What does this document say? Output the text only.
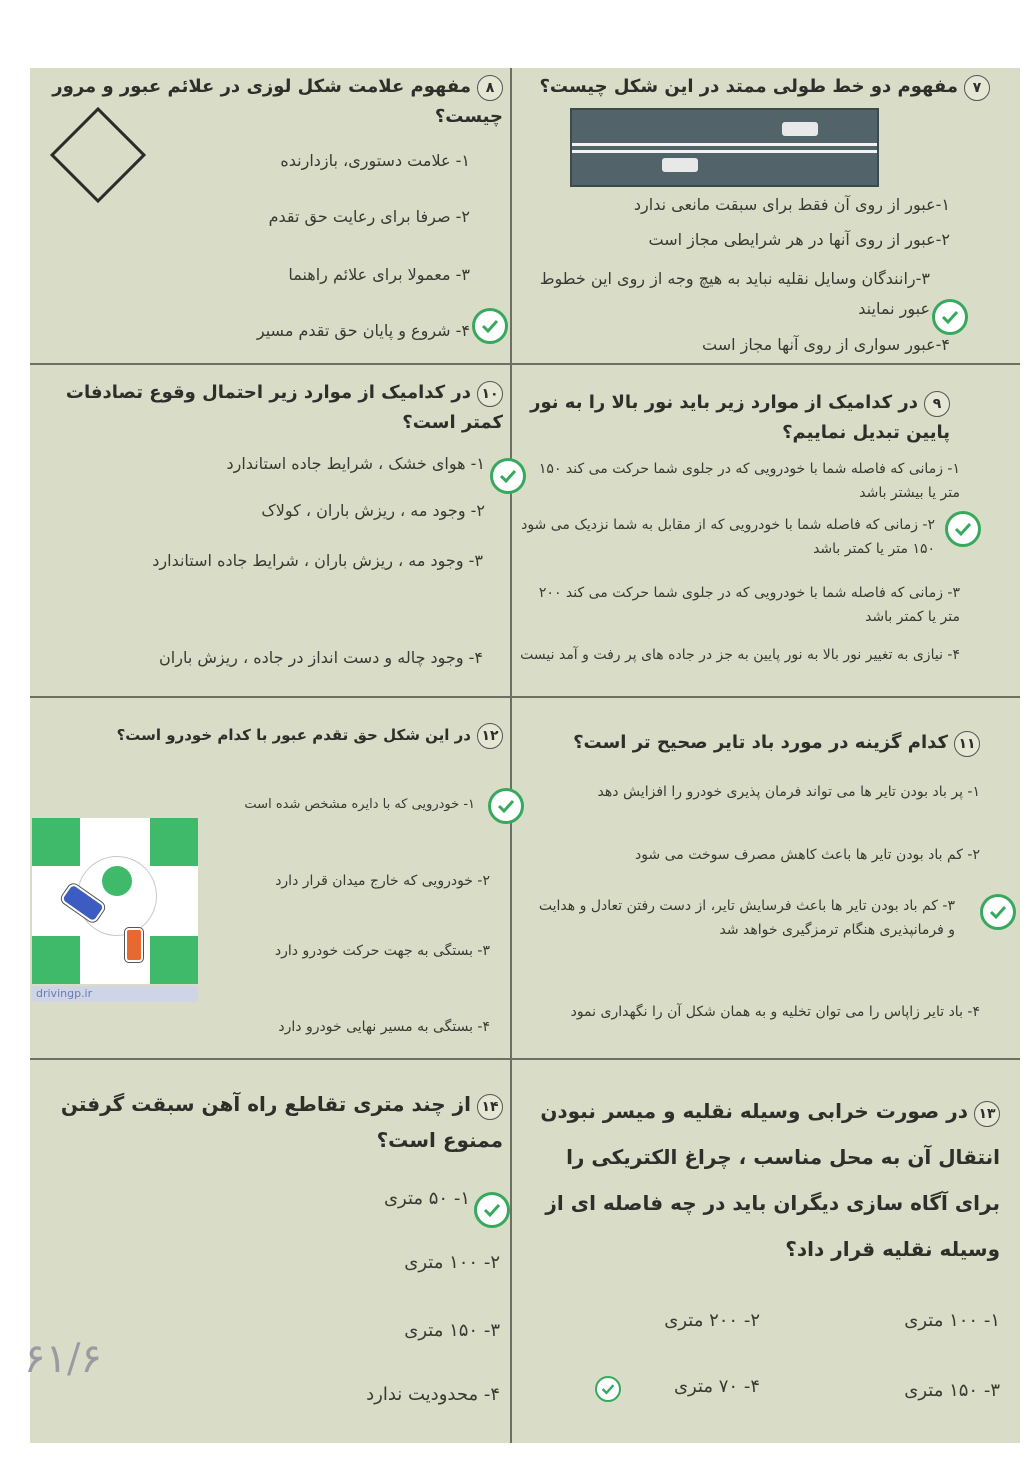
۷مفهوم دو خط طولی ممتد در این شکل چیست؟
۱-عبور از روی آن فقط برای سبقت مانعی ندارد
۲-عبور از روی آنها در هر شرایطی مجاز است
۳-رانندگان وسایل نقلیه نباید به هیچ وجه از روی این خطوط عبور نمایند
۴-عبور سواری از روی آنها مجاز است
۸مفهوم علامت شکل لوزی در علائم عبور و مرور چیست؟
۱- علامت دستوری، بازدارنده
۲- صرفا برای رعایت حق تقدم
۳- معمولا برای علائم راهنما
۴- شروع و پایان حق تقدم مسیر
۹در کدامیک از موارد زیر باید نور بالا را به نور پایین تبدیل نماییم؟
۱- زمانی که فاصله شما با خودرویی که در جلوی شما حرکت می کند ۱۵۰ متر یا بیشتر باشد
۲- زمانی که فاصله شما با خودرویی که از مقابل به شما نزدیک می شود ۱۵۰ متر یا کمتر باشد
۳- زمانی که فاصله شما با خودرویی که در جلوی شما حرکت می کند ۲۰۰ متر یا کمتر باشد
۴- نیازی به تغییر نور بالا به نور پایین به جز در جاده های پر رفت و آمد نیست
۱۰در کدامیک از موارد زیر احتمال وقوع تصادفات کمتر است؟
۱- هوای خشک ، شرایط جاده استاندارد
۲- وجود مه ، ریزش باران ، کولاک
۳- وجود مه ، ریزش باران ، شرایط جاده استاندارد
۴- وجود چاله و دست انداز در جاده ، ریزش باران
۱۱کدام گزینه در مورد باد تایر صحیح تر است؟
۱- پر باد بودن تایر ها می تواند فرمان پذیری خودرو را افزایش دهد
۲- کم باد بودن تایر ها باعث کاهش مصرف سوخت می شود
۳- کم باد بودن تایر ها باعث فرسایش تایر، از دست رفتن تعادل و هدایت و فرمانپذیری هنگام ترمزگیری خواهد شد
۴- باد تایر زاپاس را می توان تخلیه و به همان شکل آن را نگهداری نمود
۱۲در این شکل حق تقدم عبور با کدام خودرو است؟
۱- خودرویی که با دایره مشخص شده است
۲- خودرویی که خارج میدان قرار دارد
۳- بستگی به جهت حرکت خودرو دارد
۴- بستگی به مسیر نهایی خودرو دارد
drivingp.ir
۱۳در صورت خرابی وسیله نقلیه و میسر نبودن انتقال آن به محل مناسب ، چراغ الکتریکی را برای آگاه سازی دیگران باید در چه فاصله ای از وسیله نقلیه قرار داد؟
۱- ۱۰۰ متری
۲- ۲۰۰ متری
۳- ۱۵۰ متری
۴- ۷۰ متری
۱۴از چند متری تقاطع راه آهن سبقت گرفتن ممنوع است؟
۱- ۵۰ متری
۲- ۱۰۰ متری
۳- ۱۵۰ متری
۴- محدودیت ندارد
۶۱/۶
